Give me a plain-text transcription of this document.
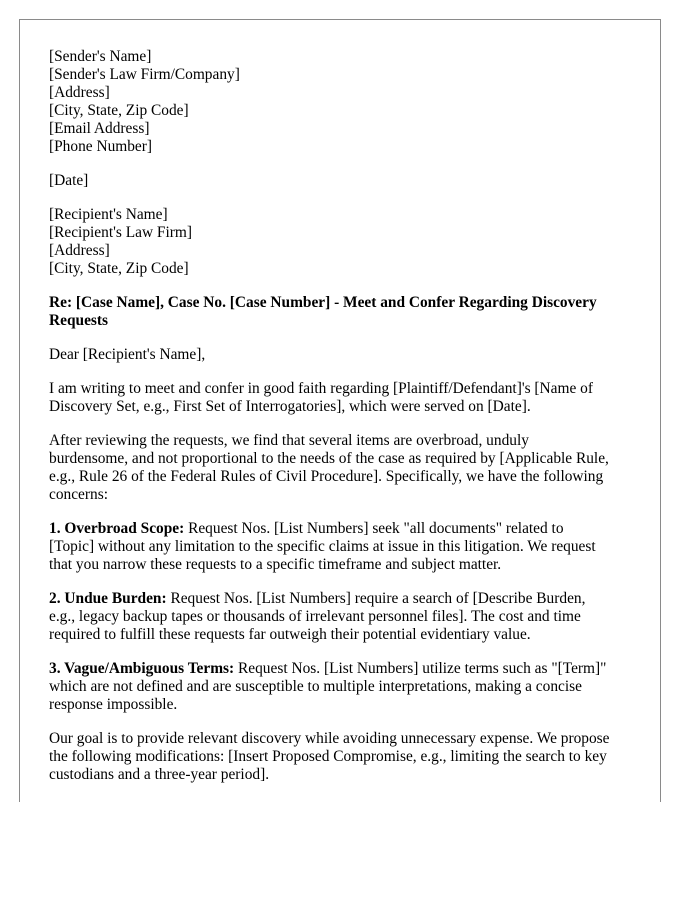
[Sender's Name]
[Sender's Law Firm/Company]
[Address]
[City, State, Zip Code]
[Email Address]
[Phone Number]
[Date]
[Recipient's Name]
[Recipient's Law Firm]
[Address]
[City, State, Zip Code]
Re: [Case Name], Case No. [Case Number] - Meet and Confer Regarding Discovery
Requests
Dear [Recipient's Name],
I am writing to meet and confer in good faith regarding [Plaintiff/Defendant]'s [Name of
Discovery Set, e.g., First Set of Interrogatories], which were served on [Date].
After reviewing the requests, we find that several items are overbroad, unduly
burdensome, and not proportional to the needs of the case as required by [Applicable Rule,
e.g., Rule 26 of the Federal Rules of Civil Procedure]. Specifically, we have the following
concerns:
1. Overbroad Scope: Request Nos. [List Numbers] seek "all documents" related to
[Topic] without any limitation to the specific claims at issue in this litigation. We request
that you narrow these requests to a specific timeframe and subject matter.
2. Undue Burden: Request Nos. [List Numbers] require a search of [Describe Burden,
e.g., legacy backup tapes or thousands of irrelevant personnel files]. The cost and time
required to fulfill these requests far outweigh their potential evidentiary value.
3. Vague/Ambiguous Terms: Request Nos. [List Numbers] utilize terms such as "[Term]"
which are not defined and are susceptible to multiple interpretations, making a concise
response impossible.
Our goal is to provide relevant discovery while avoiding unnecessary expense. We propose
the following modifications: [Insert Proposed Compromise, e.g., limiting the search to key
custodians and a three-year period].
